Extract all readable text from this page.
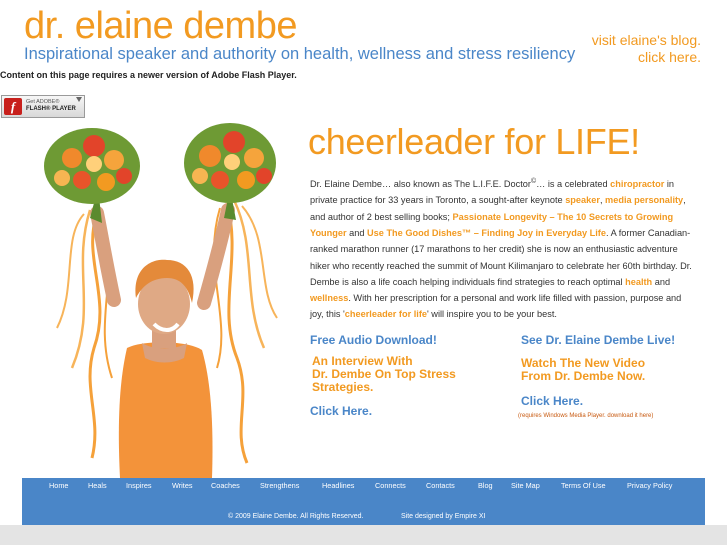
dr. elaine dembe
Inspirational speaker and authority on health, wellness and stress resiliency
visit elaine's blog.
click here.
Content on this page requires a newer version of Adobe Flash Player.
f	Get ADOBE®
FLASH® PLAYER
cheerleader for LIFE!
Dr. Elaine Dembe… also known as The L.I.F.E. Doctor©… is a celebrated chiropractor in private practice for 33 years in Toronto, a sought-after keynote speaker, media personality, and author of 2 best selling books; Passionate Longevity – The 10 Secrets to Growing Younger and Use The Good Dishes™ – Finding Joy in Everyday Life. A former Canadian-ranked marathon runner (17 marathons to her credit) she is now an enthusiastic adventure hiker who recently reached the summit of Mount Kilimanjaro to celebrate her 60th birthday. Dr. Dembe is also a life coach helping individuals find strategies to reach optimal health and wellness. With her prescription for a personal and work life filled with passion, purpose and joy, this 'cheerleader for life' will inspire you to be your best.
Free Audio Download!
An Interview With
Dr. Dembe On Top Stress
Strategies.
Click Here.
See Dr. Elaine Dembe Live!
Watch The New Video
From Dr. Dembe Now.
Click Here.
(requires Windows Media Player. download it here)
Home	Heals	Inspires	Writes	Coaches	Strengthens	Headlines	Connects	Contacts	Blog	Site Map	Terms Of Use	Privacy Policy
© 2009 Elaine Dembe. All Rights Reserved.	Site designed by Empire XI
